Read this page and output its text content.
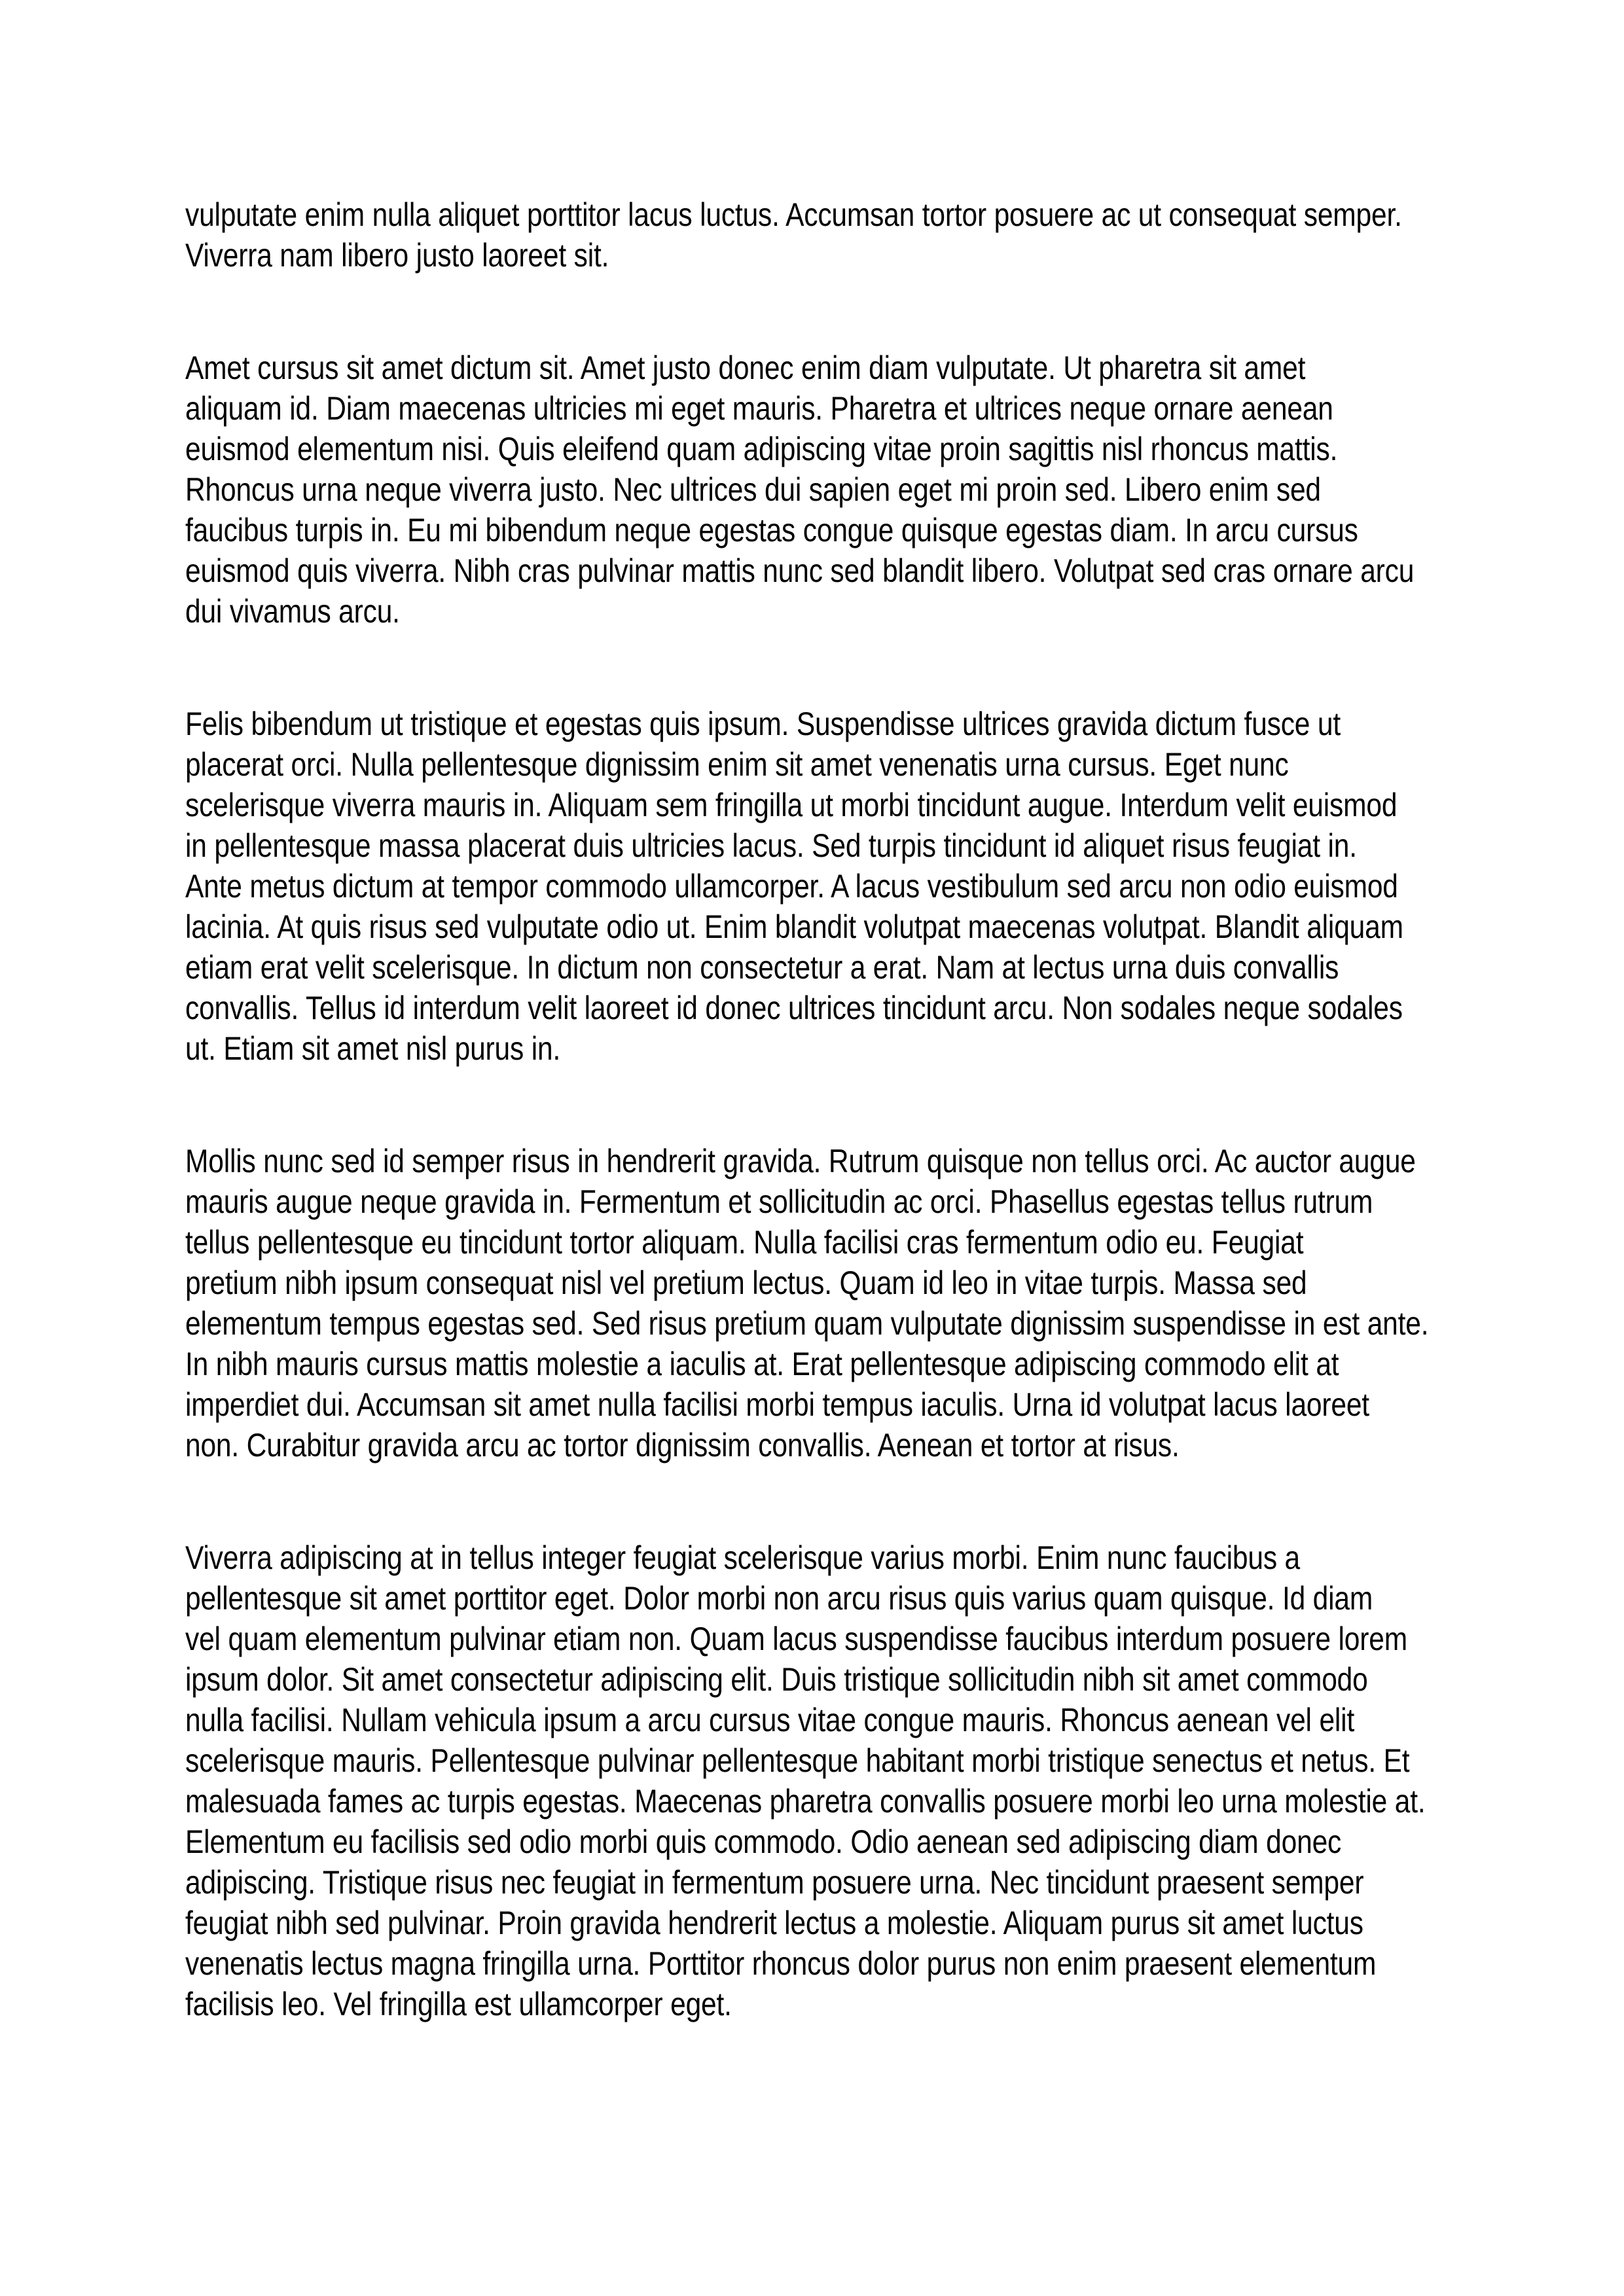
vulputate enim nulla aliquet porttitor lacus luctus. Accumsan tortor posuere ac ut consequat semper.
Viverra nam libero justo laoreet sit.

Amet cursus sit amet dictum sit. Amet justo donec enim diam vulputate. Ut pharetra sit amet
aliquam id. Diam maecenas ultricies mi eget mauris. Pharetra et ultrices neque ornare aenean
euismod elementum nisi. Quis eleifend quam adipiscing vitae proin sagittis nisl rhoncus mattis.
Rhoncus urna neque viverra justo. Nec ultrices dui sapien eget mi proin sed. Libero enim sed
faucibus turpis in. Eu mi bibendum neque egestas congue quisque egestas diam. In arcu cursus
euismod quis viverra. Nibh cras pulvinar mattis nunc sed blandit libero. Volutpat sed cras ornare arcu
dui vivamus arcu.

Felis bibendum ut tristique et egestas quis ipsum. Suspendisse ultrices gravida dictum fusce ut
placerat orci. Nulla pellentesque dignissim enim sit amet venenatis urna cursus. Eget nunc
scelerisque viverra mauris in. Aliquam sem fringilla ut morbi tincidunt augue. Interdum velit euismod
in pellentesque massa placerat duis ultricies lacus. Sed turpis tincidunt id aliquet risus feugiat in.
Ante metus dictum at tempor commodo ullamcorper. A lacus vestibulum sed arcu non odio euismod
lacinia. At quis risus sed vulputate odio ut. Enim blandit volutpat maecenas volutpat. Blandit aliquam
etiam erat velit scelerisque. In dictum non consectetur a erat. Nam at lectus urna duis convallis
convallis. Tellus id interdum velit laoreet id donec ultrices tincidunt arcu. Non sodales neque sodales
ut. Etiam sit amet nisl purus in.

Mollis nunc sed id semper risus in hendrerit gravida. Rutrum quisque non tellus orci. Ac auctor augue
mauris augue neque gravida in. Fermentum et sollicitudin ac orci. Phasellus egestas tellus rutrum
tellus pellentesque eu tincidunt tortor aliquam. Nulla facilisi cras fermentum odio eu. Feugiat
pretium nibh ipsum consequat nisl vel pretium lectus. Quam id leo in vitae turpis. Massa sed
elementum tempus egestas sed. Sed risus pretium quam vulputate dignissim suspendisse in est ante.
In nibh mauris cursus mattis molestie a iaculis at. Erat pellentesque adipiscing commodo elit at
imperdiet dui. Accumsan sit amet nulla facilisi morbi tempus iaculis. Urna id volutpat lacus laoreet
non. Curabitur gravida arcu ac tortor dignissim convallis. Aenean et tortor at risus.

Viverra adipiscing at in tellus integer feugiat scelerisque varius morbi. Enim nunc faucibus a
pellentesque sit amet porttitor eget. Dolor morbi non arcu risus quis varius quam quisque. Id diam
vel quam elementum pulvinar etiam non. Quam lacus suspendisse faucibus interdum posuere lorem
ipsum dolor. Sit amet consectetur adipiscing elit. Duis tristique sollicitudin nibh sit amet commodo
nulla facilisi. Nullam vehicula ipsum a arcu cursus vitae congue mauris. Rhoncus aenean vel elit
scelerisque mauris. Pellentesque pulvinar pellentesque habitant morbi tristique senectus et netus. Et
malesuada fames ac turpis egestas. Maecenas pharetra convallis posuere morbi leo urna molestie at.
Elementum eu facilisis sed odio morbi quis commodo. Odio aenean sed adipiscing diam donec
adipiscing. Tristique risus nec feugiat in fermentum posuere urna. Nec tincidunt praesent semper
feugiat nibh sed pulvinar. Proin gravida hendrerit lectus a molestie. Aliquam purus sit amet luctus
venenatis lectus magna fringilla urna. Porttitor rhoncus dolor purus non enim praesent elementum
facilisis leo. Vel fringilla est ullamcorper eget.
